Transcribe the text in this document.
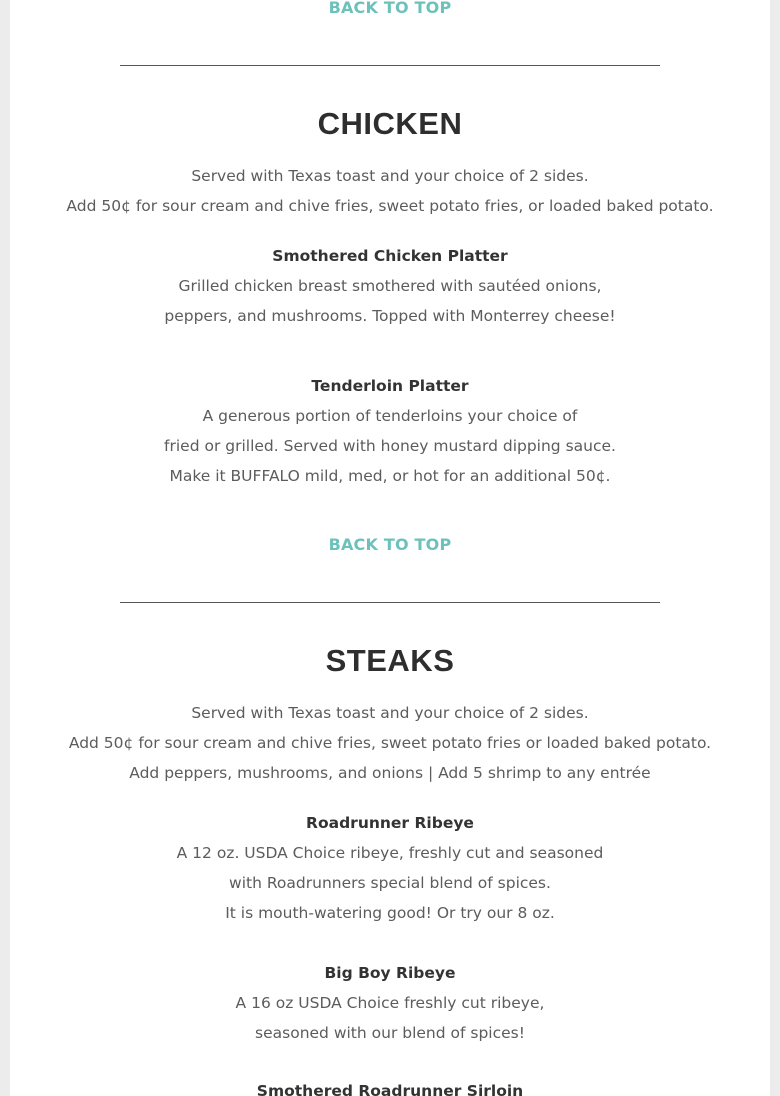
BACK TO TOP
CHICKEN
Served with Texas toast and your choice of 2 sides.
Add 50¢ for sour cream and chive fries, sweet potato fries, or loaded baked potato.
Smothered Chicken Platter
Grilled chicken breast smothered with sautéed onions,
peppers, and mushrooms. Topped with Monterrey cheese!
Tenderloin Platter
A generous portion of tenderloins your choice of
fried or grilled. Served with honey mustard dipping sauce.
Make it BUFFALO mild, med, or hot for an additional 50¢.
BACK TO TOP
STEAKS
Served with Texas toast and your choice of 2 sides.
Add 50¢ for sour cream and chive fries, sweet potato fries or loaded baked potato.
Add peppers, mushrooms, and onions | Add 5 shrimp to any entrée
Roadrunner Ribeye
A 12 oz. USDA Choice ribeye, freshly cut and seasoned
with Roadrunners special blend of spices.
It is mouth-watering good! Or try our 8 oz.
Big Boy Ribeye
A 16 oz USDA Choice freshly cut ribeye,
seasoned with our blend of spices!
Smothered Roadrunner Sirloin
